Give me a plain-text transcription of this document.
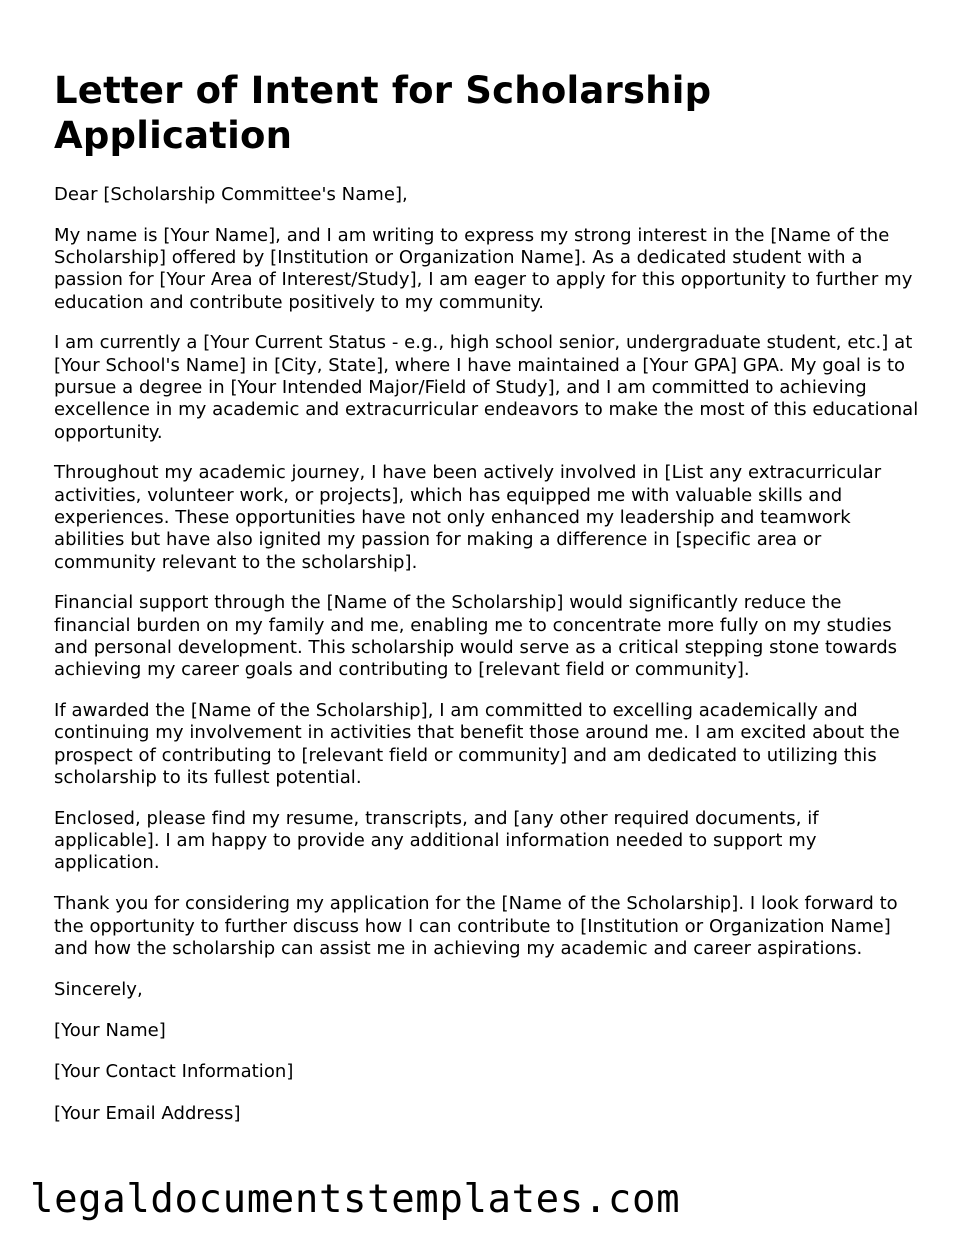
Letter of Intent for Scholarship Application

Dear [Scholarship Committee's Name],

My name is [Your Name], and I am writing to express my strong interest in the [Name of the Scholarship] offered by [Institution or Organization Name]. As a dedicated student with a passion for [Your Area of Interest/Study], I am eager to apply for this opportunity to further my education and contribute positively to my community.

I am currently a [Your Current Status - e.g., high school senior, undergraduate student, etc.] at [Your School's Name] in [City, State], where I have maintained a [Your GPA] GPA. My goal is to pursue a degree in [Your Intended Major/Field of Study], and I am committed to achieving excellence in my academic and extracurricular endeavors to make the most of this educational opportunity.

Throughout my academic journey, I have been actively involved in [List any extracurricular activities, volunteer work, or projects], which has equipped me with valuable skills and experiences. These opportunities have not only enhanced my leadership and teamwork abilities but have also ignited my passion for making a difference in [specific area or community relevant to the scholarship].

Financial support through the [Name of the Scholarship] would significantly reduce the financial burden on my family and me, enabling me to concentrate more fully on my studies and personal development. This scholarship would serve as a critical stepping stone towards achieving my career goals and contributing to [relevant field or community].

If awarded the [Name of the Scholarship], I am committed to excelling academically and continuing my involvement in activities that benefit those around me. I am excited about the prospect of contributing to [relevant field or community] and am dedicated to utilizing this scholarship to its fullest potential.

Enclosed, please find my resume, transcripts, and [any other required documents, if applicable]. I am happy to provide any additional information needed to support my application.

Thank you for considering my application for the [Name of the Scholarship]. I look forward to the opportunity to further discuss how I can contribute to [Institution or Organization Name] and how the scholarship can assist me in achieving my academic and career aspirations.

Sincerely,

[Your Name]

[Your Contact Information]

[Your Email Address]

legaldocumentstemplates.com
